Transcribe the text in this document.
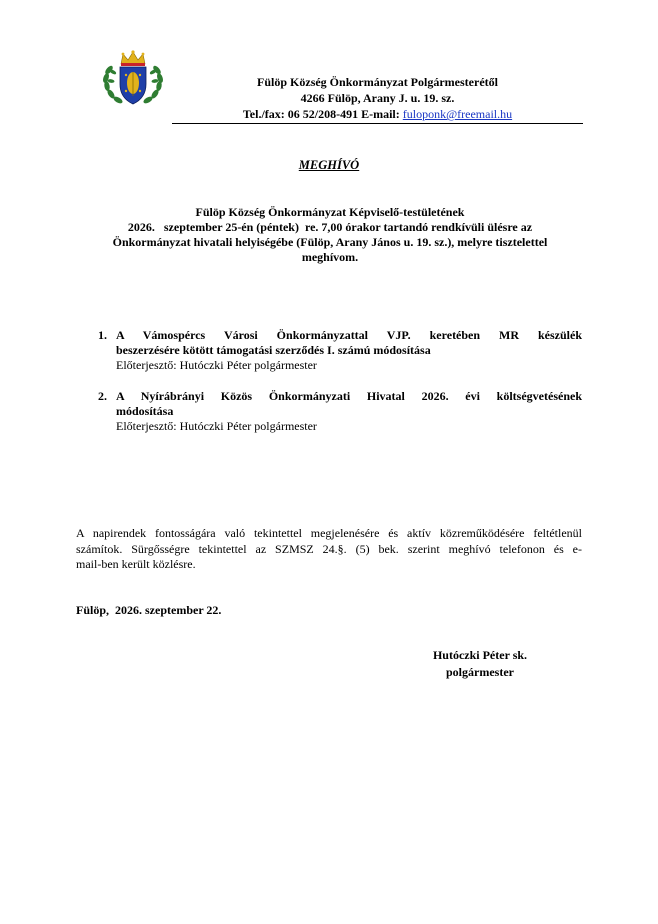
Fülöp Község Önkormányzat Polgármesterétől
4266 Fülöp, Arany J. u. 19. sz.
Tel./fax: 06 52/208-491 E-mail: fuloponk@freemail.hu
MEGHÍVÓ
Fülöp Község Önkormányzat Képviselő-testületének
2026.   szeptember 25-én (péntek)  re. 7,00 órakor tartandó rendkívüli ülésre az
Önkormányzat hivatali helyiségébe (Fülöp, Arany János u. 19. sz.), melyre tisztelettel
meghívom.
1. A Vámospércs Városi Önkormányzattal VJP. keretében MR készülék
beszerzésére kötött támogatási szerződés I. számú módosítása
Előterjesztő: Hutóczki Péter polgármester
2. A Nyírábrányi Közös Önkormányzati Hivatal 2026. évi költségvetésének
módosítása
Előterjesztő: Hutóczki Péter polgármester
A napirendek fontosságára való tekintettel megjelenésére és aktív közreműködésére feltétlenül
számítok. Sürgősségre tekintettel az SZMSZ 24.§. (5) bek. szerint meghívó telefonon és e-
mail-ben került közlésre.
Fülöp,  2026. szeptember 22.
Hutóczki Péter sk.
polgármester
